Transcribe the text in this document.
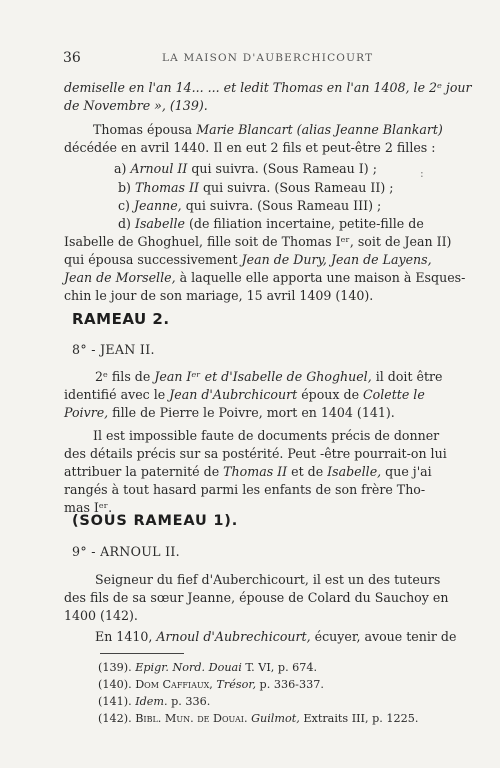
36	LA MAISON D'AUBERCHICOURT
demiselle en l'an 14... ... et ledit Thomas en l'an 1408, le 2ᵉ jour
de Novembre », (139).
Thomas épousa Marie Blancart (alias Jeanne Blankart)
décédée en avril 1440. Il en eut 2 fils et peut-être 2 filles :
a) Arnoul II qui suivra. (Sous Rameau I) ;	:
b) Thomas II qui suivra. (Sous Rameau II) ;
c) Jeanne, qui suivra. (Sous Rameau III) ;
d) Isabelle (de filiation incertaine, petite-fille de
Isabelle de Ghoghuel, fille soit de Thomas Iᵉʳ, soit de Jean II)
qui épousa successivement Jean de Dury, Jean de Layens,
Jean de Morselle, à laquelle elle apporta une maison à Esques-
chin le jour de son mariage, 15 avril 1409 (140).
RAMEAU 2.
8° - JEAN II.
2ᵉ fils de Jean Iᵉʳ et d'Isabelle de Ghoghuel, il doit être
identifié avec le Jean d'Aubrchicourt époux de Colette le
Poivre, fille de Pierre le Poivre, mort en 1404 (141).
Il est impossible faute de documents précis de donner
des détails précis sur sa postérité. Peut -être pourrait-on lui
attribuer la paternité de Thomas II et de Isabelle, que j'ai
rangés à tout hasard parmi les enfants de son frère Tho-
mas Iᵉʳ.
(SOUS RAMEAU 1).
9° - ARNOUL II.
Seigneur du fief d'Auberchicourt, il est un des tuteurs
des fils de sa sœur Jeanne, épouse de Colard du Sauchoy en
1400 (142).
En 1410, Arnoul d'Aubrechicourt, écuyer, avoue tenir de
(139). Epigr. Nord. Douai T. VI, p. 674.
(140). Dom Caffiaux, Trésor, p. 336-337.
(141). Idem. p. 336.
(142). Bibl. Mun. de Douai. Guilmot, Extraits III, p. 1225.
